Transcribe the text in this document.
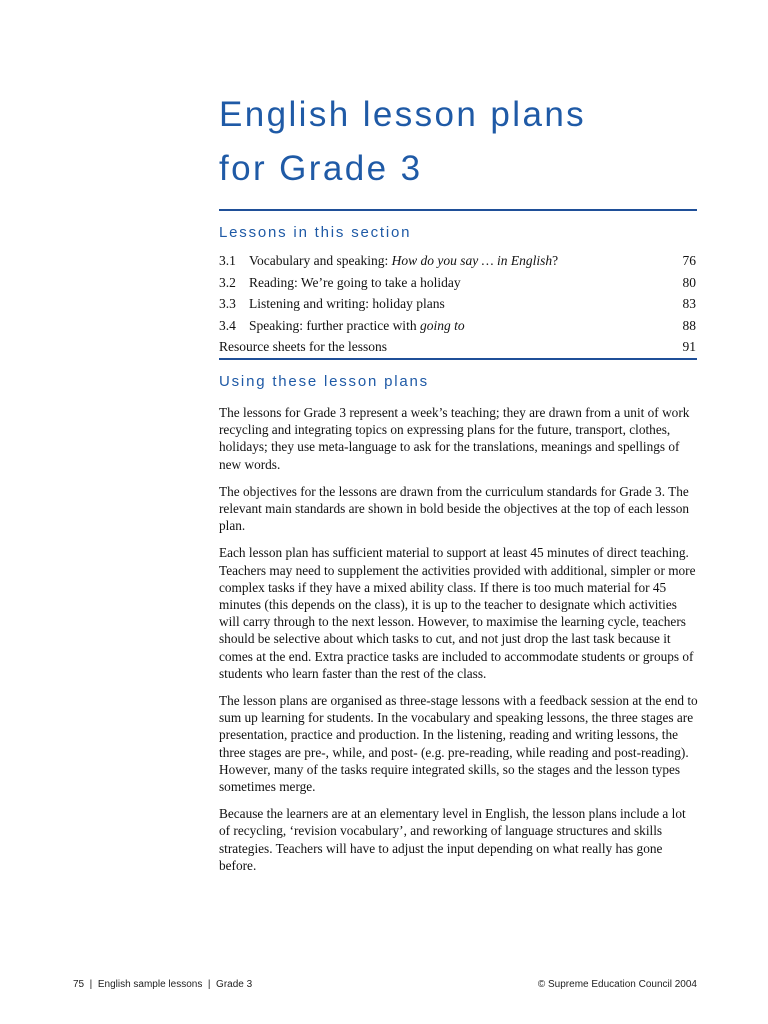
English lesson plans
for Grade 3
Lessons in this section
3.1 Vocabulary and speaking: How do you say … in English?	76
3.2 Reading: We’re going to take a holiday	80
3.3 Listening and writing: holiday plans	83
3.4 Speaking: further practice with going to	88
Resource sheets for the lessons	91
Using these lesson plans

The lessons for Grade 3 represent a week’s teaching; they are drawn from a unit of work recycling and integrating topics on expressing plans for the future, transport, clothes, holidays; they use meta-language to ask for the translations, meanings and spellings of new words.

The objectives for the lessons are drawn from the curriculum standards for Grade 3. The relevant main standards are shown in bold beside the objectives at the top of each lesson plan.

Each lesson plan has sufficient material to support at least 45 minutes of direct teaching. Teachers may need to supplement the activities provided with additional, simpler or more complex tasks if they have a mixed ability class. If there is too much material for 45 minutes (this depends on the class), it is up to the teacher to designate which activities will carry through to the next lesson. However, to maximise the learning cycle, teachers should be selective about which tasks to cut, and not just drop the last task because it comes at the end. Extra practice tasks are included to accommodate students or groups of students who learn faster than the rest of the class.

The lesson plans are organised as three-stage lessons with a feedback session at the end to sum up learning for students. In the vocabulary and speaking lessons, the three stages are presentation, practice and production. In the listening, reading and writing lessons, the three stages are pre-, while, and post- (e.g. pre-reading, while reading and post-reading). However, many of the tasks require integrated skills, so the stages and the lesson types sometimes merge.

Because the learners are at an elementary level in English, the lesson plans include a lot of recycling, ‘revision vocabulary’, and reworking of language structures and skills strategies. Teachers will have to adjust the input depending on what really has gone before.

75  |  English sample lessons  |  Grade 3	© Supreme Education Council 2004
